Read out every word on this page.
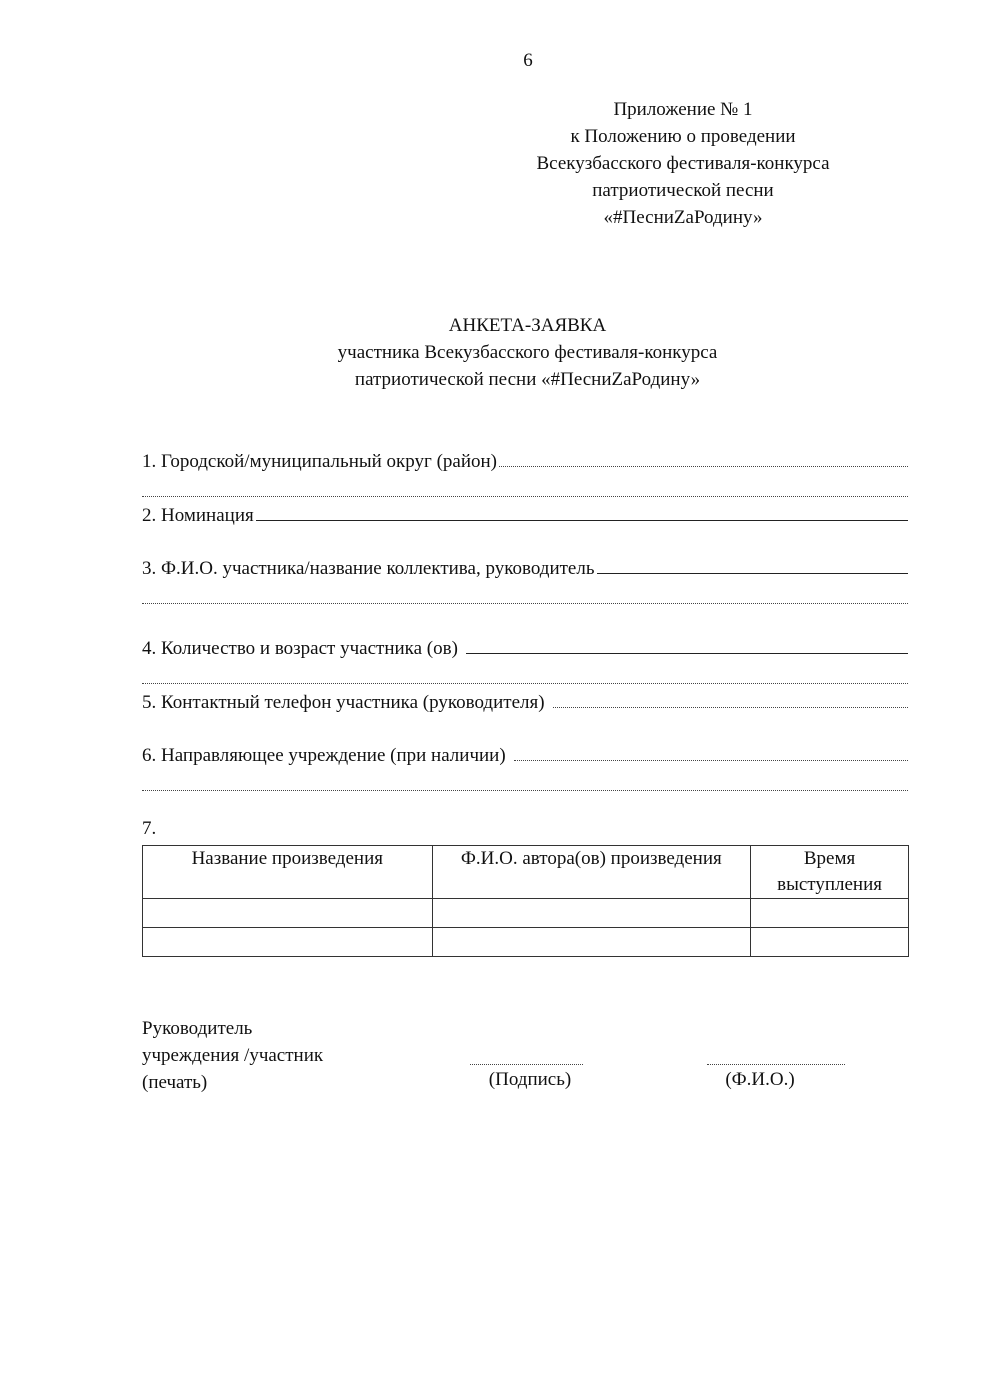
6
Приложение № 1
к Положению о проведении
Всекузбасского фестиваля-конкурса
патриотической песни
«#ПесниZaРодину»
АНКЕТА-ЗАЯВКА
участника Всекузбасского фестиваля-конкурса
патриотической песни «#ПесниZaРодину»
1. Городской/муниципальный округ (район)
2. Номинация
3. Ф.И.О. участника/название коллектива, руководитель
4. Количество и возраст участника (ов)
5. Контактный телефон участника (руководителя)
6. Направляющее учреждение (при наличии)
7.
Название произведения	Ф.И.О. автора(ов) произведения	Время выступления

Руководитель
учреждения /участник
(печать)	(Подпись)	(Ф.И.О.)
